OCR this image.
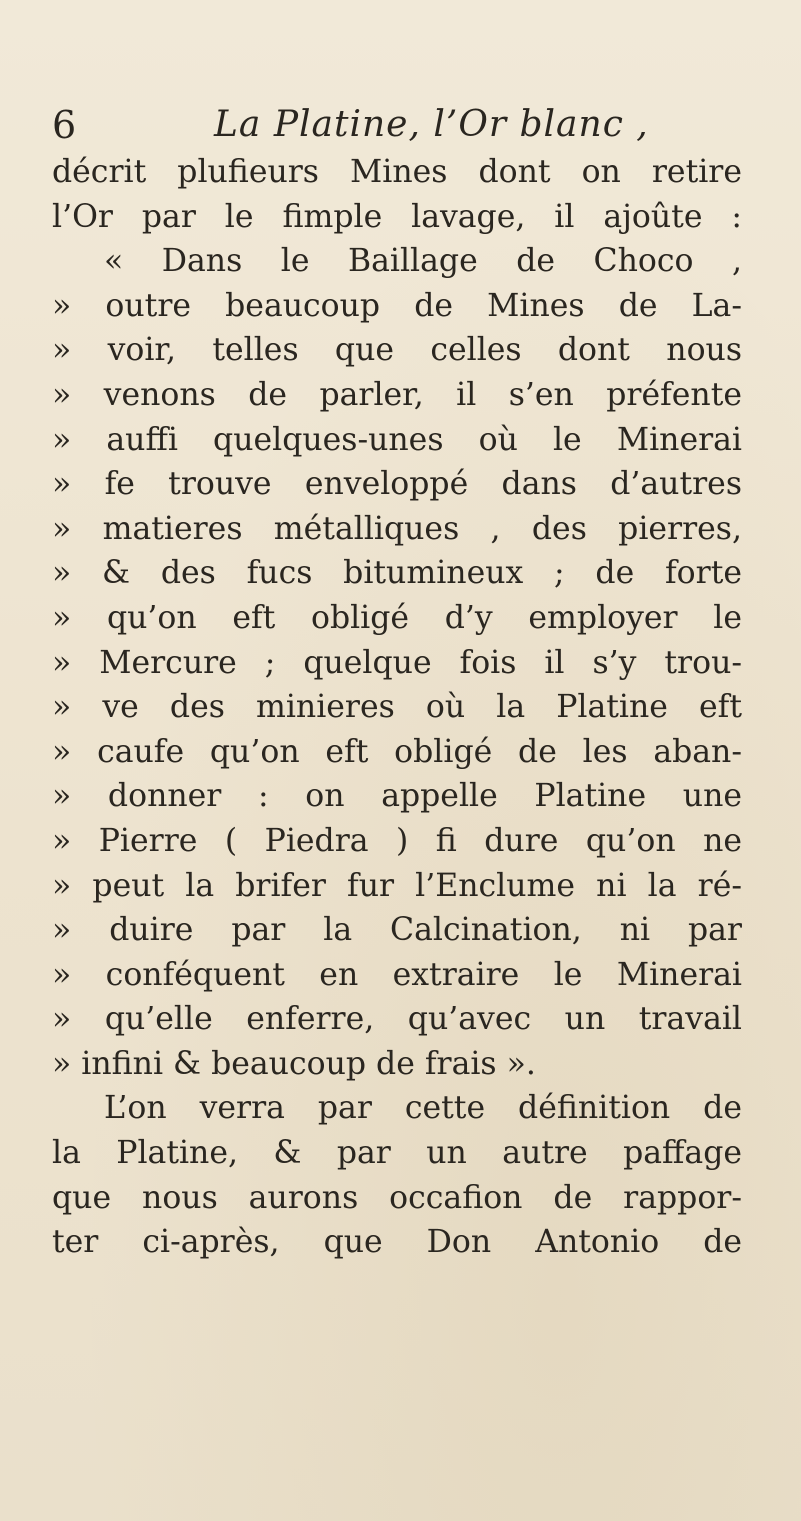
6	La Platine, l’Or blanc ,
décrit plufieurs Mines dont on retire
l’Or par le fimple lavage, il ajoûte :
« Dans le Baillage de Choco ,
» outre beaucoup de Mines de La-
» voir, telles que celles dont nous
» venons de parler, il s’en préfente
» auffi quelques-unes où le Minerai
» fe trouve enveloppé dans d’autres
» matieres métalliques , des pierres,
» & des fucs bitumineux ; de forte
» qu’on eft obligé d’y employer le
» Mercure ; quelque fois il s’y trou-
» ve des minieres où la Platine eft
» caufe qu’on eft obligé de les aban-
» donner : on appelle Platine une
» Pierre ( Piedra ) fi dure qu’on ne
» peut la brifer fur l’Enclume ni la ré-
» duire par la Calcination, ni par
» conféquent en extraire le Minerai
» qu’elle enferre, qu’avec un travail
» infini & beaucoup de frais ».
L’on verra par cette définition de
la Platine, & par un autre paffage
que nous aurons occafion de rappor-
ter ci-après, que Don Antonio de
